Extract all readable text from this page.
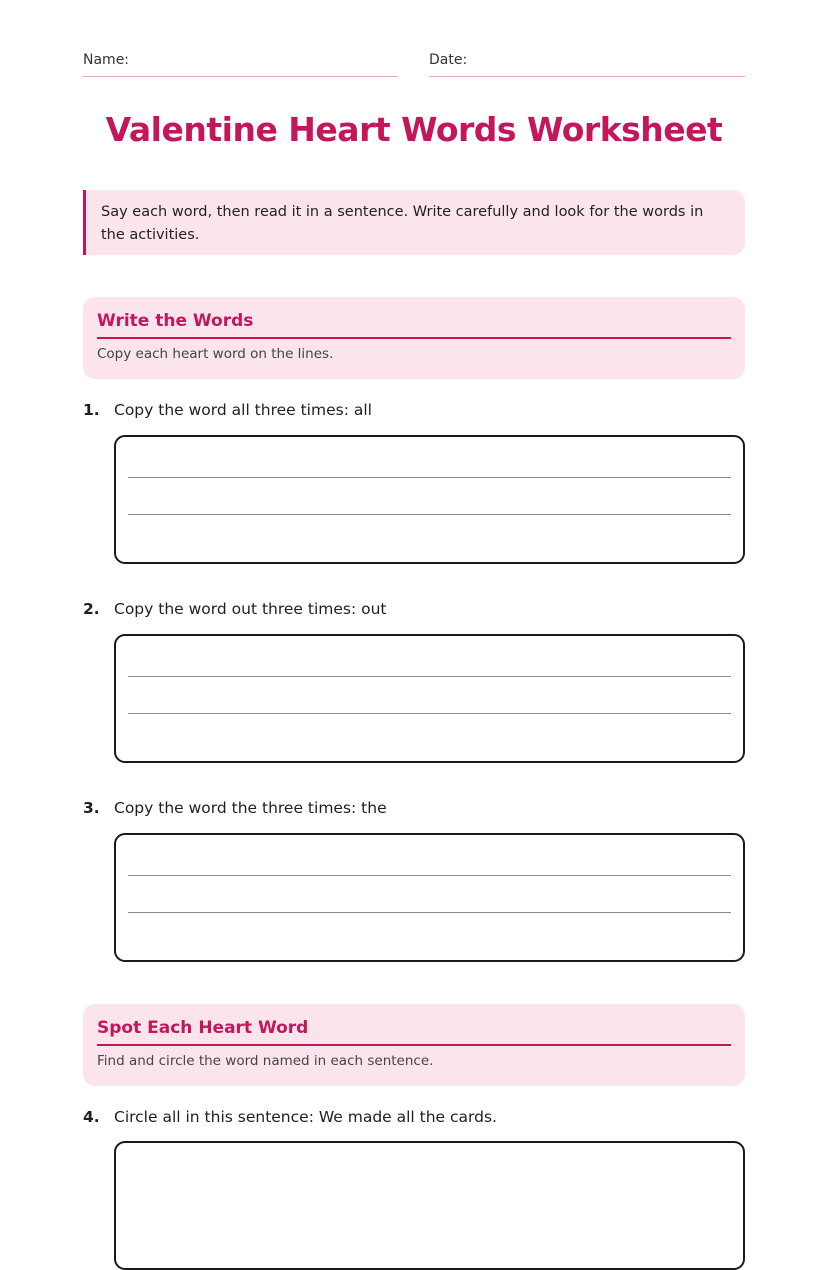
Name:	Date:
Valentine Heart Words Worksheet
Say each word, then read it in a sentence. Write carefully and look for the words in the activities.
Write the Words
Copy each heart word on the lines.
1. Copy the word all three times: all
2. Copy the word out three times: out
3. Copy the word the three times: the
Spot Each Heart Word
Find and circle the word named in each sentence.
4. Circle all in this sentence: We made all the cards.
